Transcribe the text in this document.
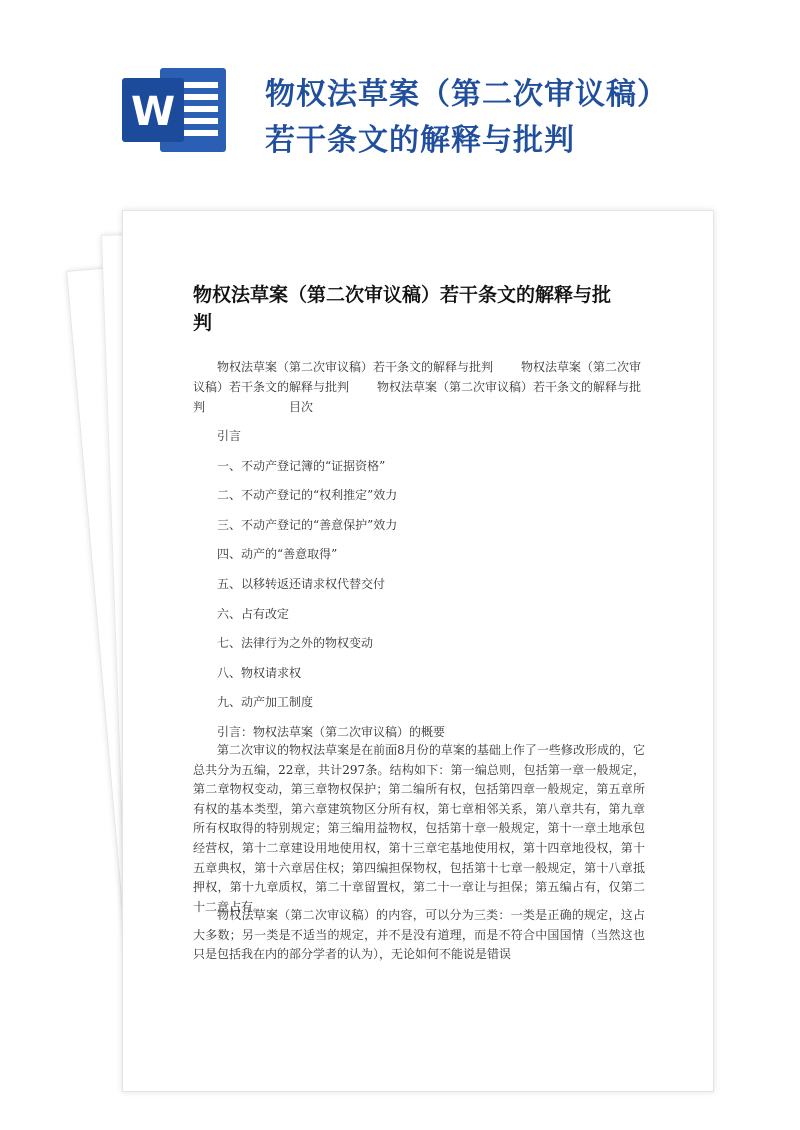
W	物权法草案（第二次审议稿）
若干条文的解释与批判
物权法草案（第二次审议稿）若干条文的解释与批
判

物权法草案（第二次审议稿）若干条文的解释与批判 物权法草案（第二次审议稿）若干条文的解释与批判 物权法草案（第二次审议稿）若干条文的解释与批判	目次

引言
一、不动产登记簿的“证据资格”
二、不动产登记的“权利推定”效力
三、不动产登记的“善意保护”效力
四、动产的“善意取得”
五、以移转返还请求权代替交付
六、占有改定
七、法律行为之外的物权变动
八、物权请求权
九、动产加工制度
引言：物权法草案（第二次审议稿）的概要

第二次审议的物权法草案是在前面8月份的草案的基础上作了一些修改形成的，它总共分为五编，22章，共计297条。结构如下：第一编总则，包括第一章一般规定，第二章物权变动，第三章物权保护；第二编所有权，包括第四章一般规定，第五章所有权的基本类型，第六章建筑物区分所有权，第七章相邻关系，第八章共有，第九章所有权取得的特别规定；第三编用益物权，包括第十章一般规定，第十一章土地承包经营权，第十二章建设用地使用权，第十三章宅基地使用权，第十四章地役权，第十五章典权，第十六章居住权；第四编担保物权，包括第十七章一般规定，第十八章抵押权，第十九章质权，第二十章留置权，第二十一章让与担保；第五编占有，仅第二十二章占有。

物权法草案（第二次审议稿）的内容，可以分为三类：一类是正确的规定，这占大多数；另一类是不适当的规定，并不是没有道理，而是不符合中国国情（当然这也只是包括我在内的部分学者的认为），无论如何不能说是错误
